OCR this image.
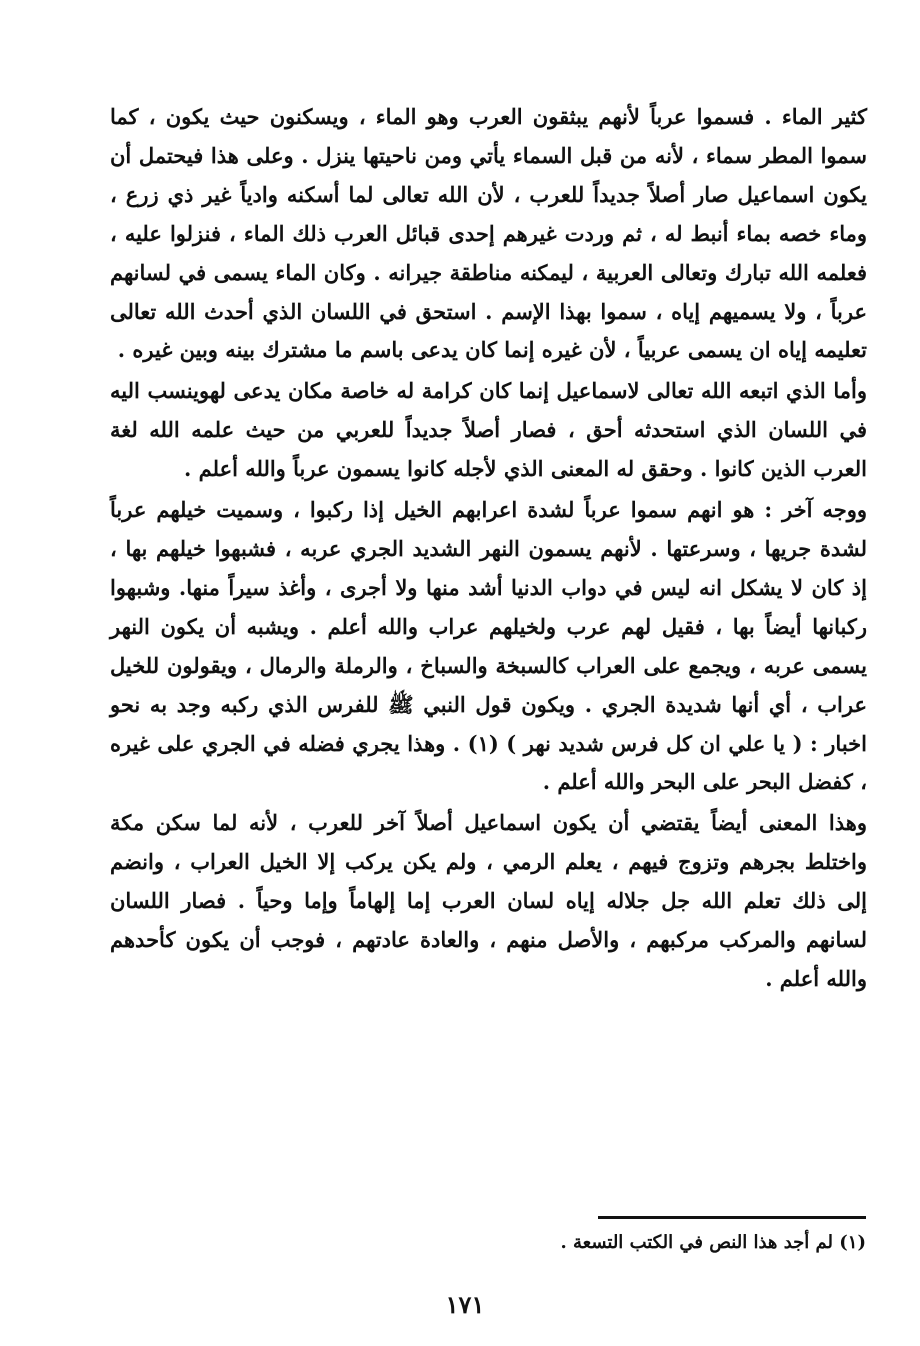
كثير الماء . فسموا عرباً لأنهم يبثقون العرب وهو الماء ، ويسكنون حيث يكون ، كما سموا المطر سماء ، لأنه من قبل السماء يأتي ومن ناحيتها ينزل . وعلى هذا فيحتمل أن يكون اسماعيل صار أصلاً جديداً للعرب ، لأن الله تعالى لما أسكنه وادياً غير ذي زرع ، وماء خصه بماء أنبط له ، ثم وردت غيرهم إحدى قبائل العرب ذلك الماء ، فنزلوا عليه ، فعلمه الله تبارك وتعالى العربية ، ليمكنه مناطقة جيرانه . وكان الماء يسمى في لسانهم عرباً ، ولا يسميهم إياه ، سموا بهذا الإسم . استحق في اللسان الذي أحدث الله تعالى تعليمه إياه ان يسمى عربياً ، لأن غيره إنما كان يدعى باسم ما مشترك بينه وبين غيره .

وأما الذي اتبعه الله تعالى لاسماعيل إنما كان كرامة له خاصة مكان يدعى لهوينسب اليه في اللسان الذي استحدثه أحق ، فصار أصلاً جديداً للعربي من حيث علمه الله لغة العرب الذين كانوا . وحقق له المعنى الذي لأجله كانوا يسمون عرباً والله أعلم .

ووجه آخر : هو انهم سموا عرباً لشدة اعرابهم الخيل إذا ركبوا ، وسميت خيلهم عرباً لشدة جريها ، وسرعتها . لأنهم يسمون النهر الشديد الجري عربه ، فشبهوا خيلهم بها ، إذ كان لا يشكل انه ليس في دواب الدنيا أشد منها ولا أجرى ، وأغذ سيراً منها. وشبهوا ركبانها أيضاً بها ، فقيل لهم عرب ولخيلهم عراب والله أعلم . ويشبه أن يكون النهر يسمى عربه ، ويجمع على العراب كالسبخة والسباخ ، والرملة والرمال ، ويقولون للخيل عراب ، أي أنها شديدة الجري . ويكون قول النبي ﷺ للفرس الذي ركبه وجد به نحو اخبار : ( يا علي ان كل فرس شديد نهر ) (١) . وهذا يجري فضله في الجري على غيره ، كفضل البحر على البحر والله أعلم .

وهذا المعنى أيضاً يقتضي أن يكون اسماعيل أصلاً آخر للعرب ، لأنه لما سكن مكة واختلط بجرهم وتزوج فيهم ، يعلم الرمي ، ولم يكن يركب إلا الخيل العراب ، وانضم إلى ذلك تعلم الله جل جلاله إياه لسان العرب إما إلهاماً وإما وحياً . فصار اللسان لسانهم والمركب مركبهم ، والأصل منهم ، والعادة عادتهم ، فوجب أن يكون كأحدهم والله أعلم .

(١) لم أجد هذا النص في الكتب التسعة .

١٧١
